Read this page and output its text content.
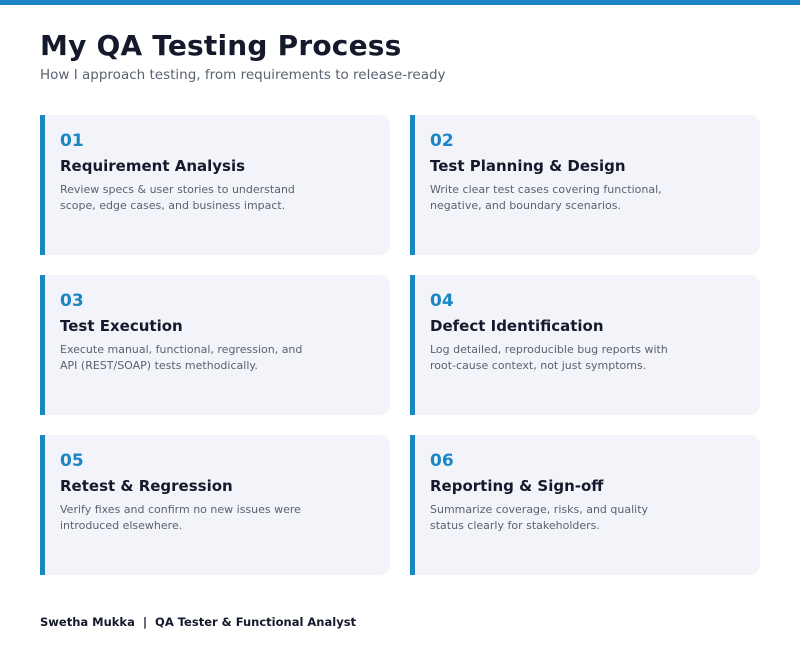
My QA Testing Process

How I approach testing, from requirements to release-ready

01
Requirement Analysis
Review specs & user stories to understand scope, edge cases, and business impact.
02
Test Planning & Design
Write clear test cases covering functional, negative, and boundary scenarios.
03
Test Execution
Execute manual, functional, regression, and API (REST/SOAP) tests methodically.
04
Defect Identification
Log detailed, reproducible bug reports with root-cause context, not just symptoms.
05
Retest & Regression
Verify fixes and confirm no new issues were introduced elsewhere.
06
Reporting & Sign-off
Summarize coverage, risks, and quality status clearly for stakeholders.
Swetha Mukka  |  QA Tester & Functional Analyst
